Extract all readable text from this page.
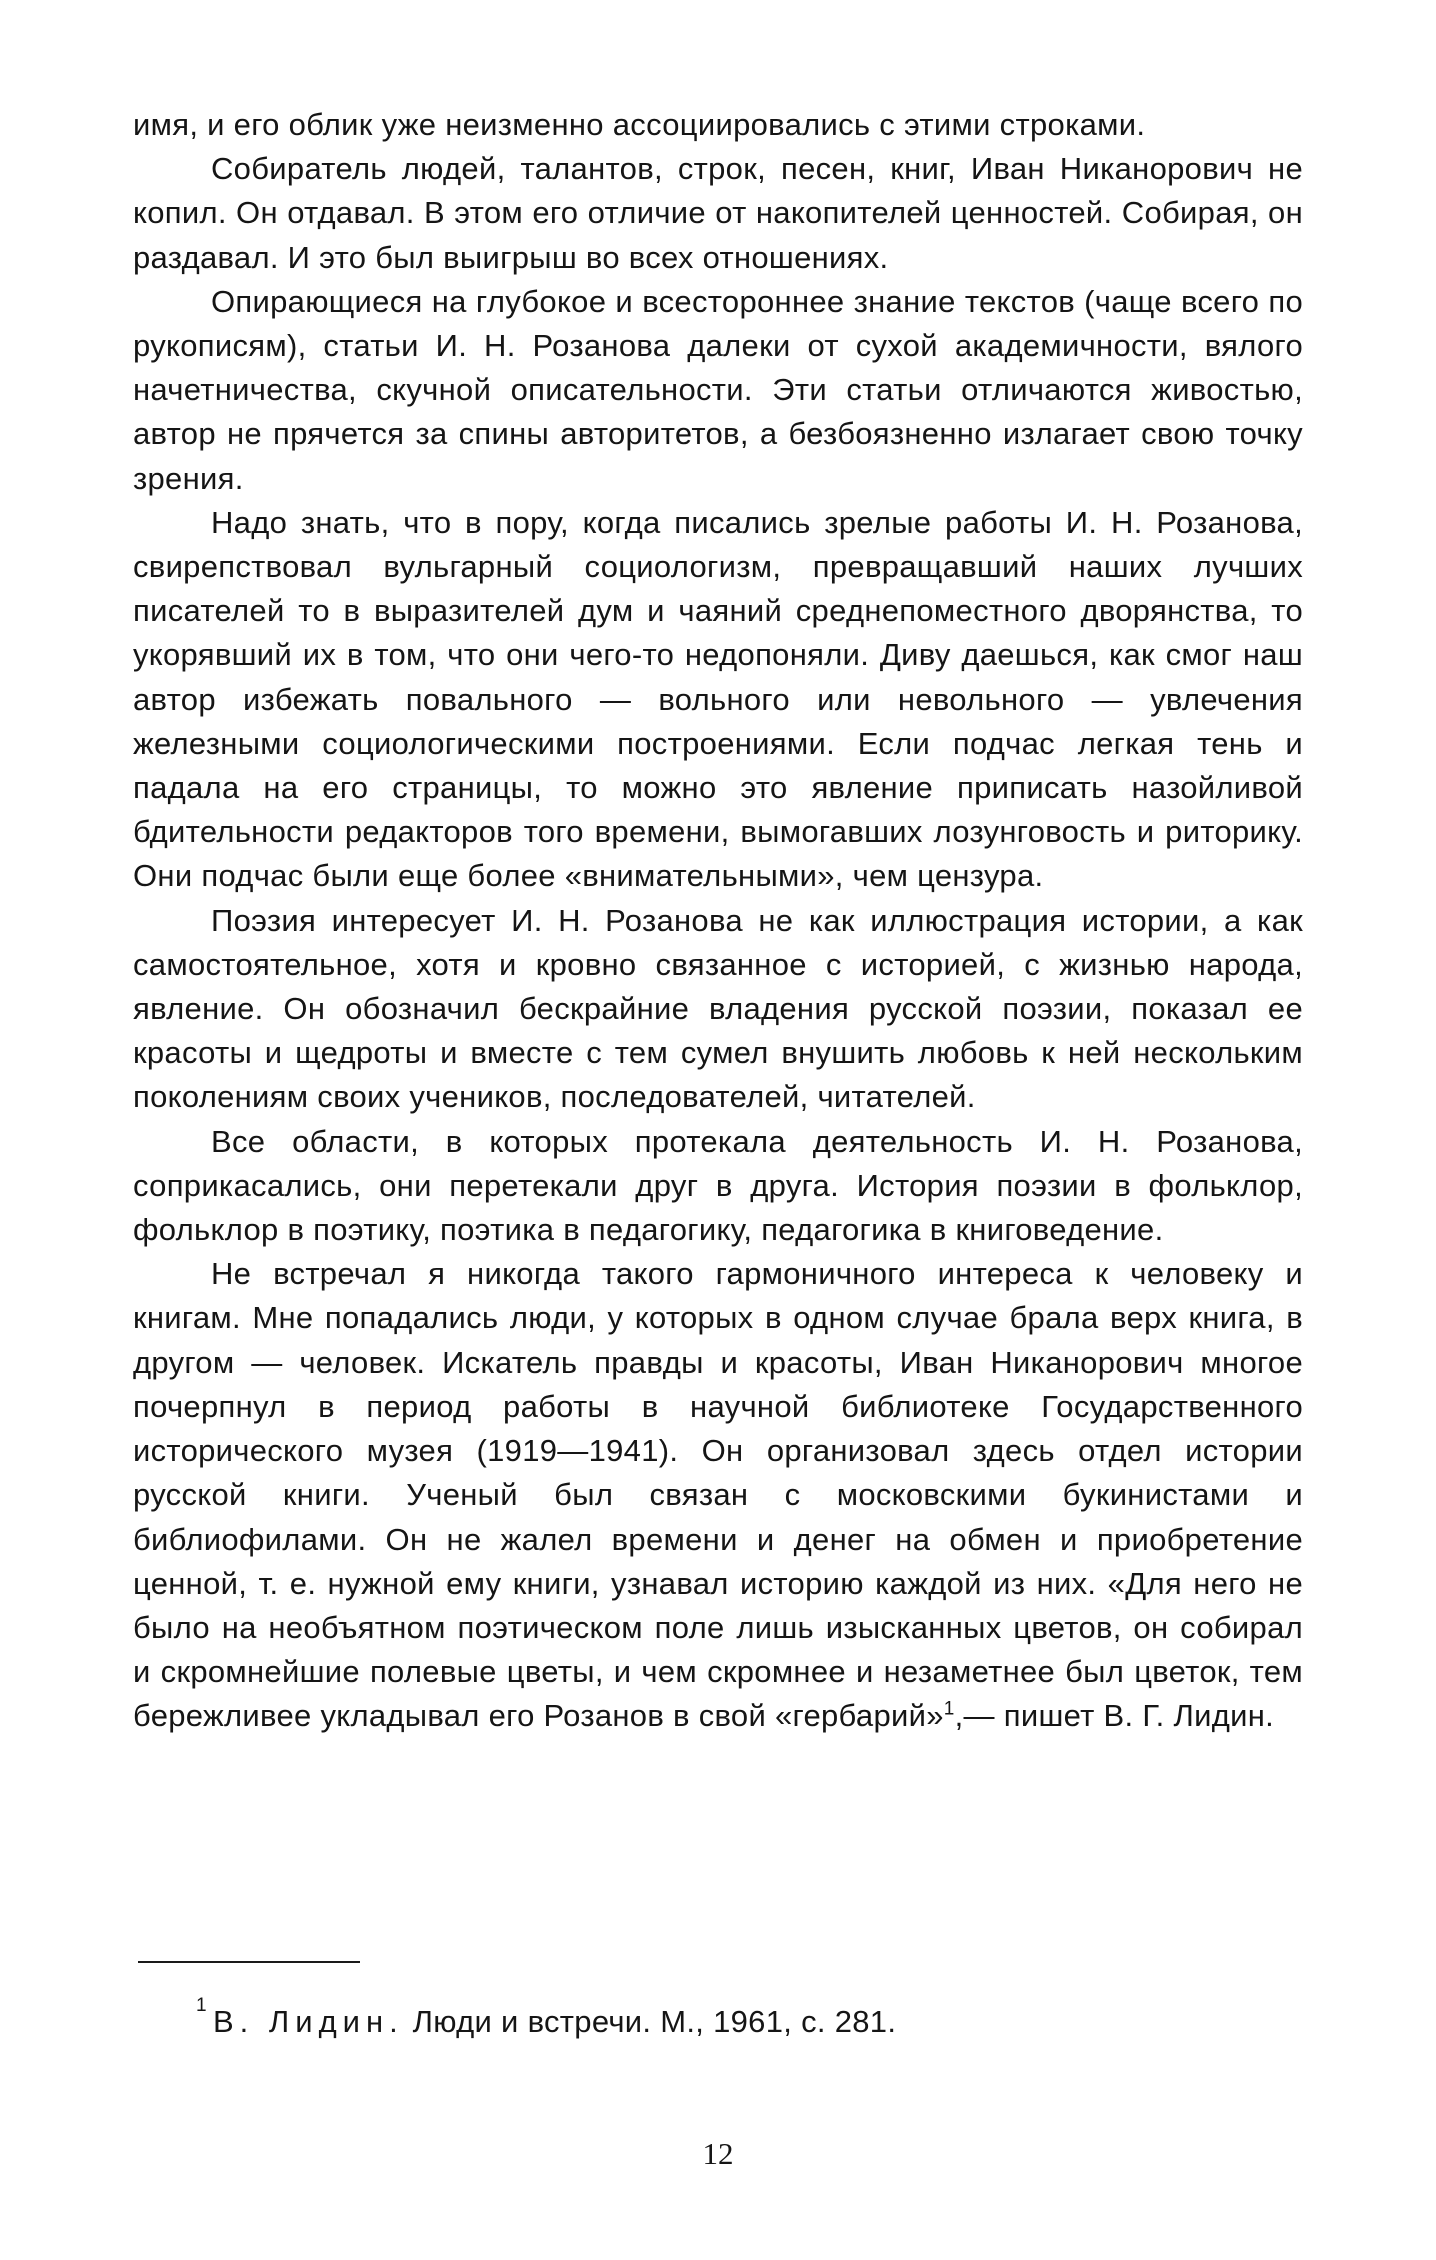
имя, и его облик уже неизменно ассоциировались с этими строками.

Собиратель людей, талантов, строк, песен, книг, Иван Никанорович не копил. Он отдавал. В этом его отличие от накопителей ценностей. Собирая, он раздавал. И это был выигрыш во всех отношениях.

Опирающиеся на глубокое и всестороннее знание текстов (чаще всего по рукописям), статьи И. Н. Розанова далеки от сухой академичности, вялого начетничества, скучной описательности. Эти статьи отличаются живостью, автор не прячется за спины авторитетов, а безбоязненно излагает свою точку зрения.

Надо знать, что в пору, когда писались зрелые работы И. Н. Розанова, свирепствовал вульгарный социологизм, превращавший наших лучших писателей то в выразителей дум и чаяний среднепоместного дворянства, то укорявший их в том, что они чего-то недопоняли. Диву даешься, как смог наш автор избежать повального — вольного или невольного — увлечения железными социологическими построениями. Если подчас легкая тень и падала на его страницы, то можно это явление приписать назойливой бдительности редакторов того времени, вымогавших лозунговость и риторику. Они подчас были еще более «внимательными», чем цензура.

Поэзия интересует И. Н. Розанова не как иллюстрация истории, а как самостоятельное, хотя и кровно связанное с историей, с жизнью народа, явление. Он обозначил бескрайние владения русской поэзии, показал ее красоты и щедроты и вместе с тем сумел внушить любовь к ней нескольким поколениям своих учеников, последователей, читателей.

Все области, в которых протекала деятельность И. Н. Розанова, соприкасались, они перетекали друг в друга. История поэзии в фольклор, фольклор в поэтику, поэтика в педагогику, педагогика в книговедение.

Не встречал я никогда такого гармоничного интереса к человеку и книгам. Мне попадались люди, у которых в одном случае брала верх книга, в другом — человек. Искатель правды и красоты, Иван Никанорович многое почерпнул в период работы в научной библиотеке Государственного исторического музея (1919—1941). Он организовал здесь отдел истории русской книги. Ученый был связан с московскими букинистами и библиофилами. Он не жалел времени и денег на обмен и приобретение ценной, т. е. нужной ему книги, узнавал историю каждой из них. «Для него не было на необъятном поэтическом поле лишь изысканных цветов, он собирал и скромнейшие полевые цветы, и чем скромнее и незаметнее был цветок, тем бережливее укладывал его Розанов в свой «гербарий»$^1$,— пишет В. Г. Лидин.

1 В. Лидин. Люди и встречи. М., 1961, с. 281.
12
